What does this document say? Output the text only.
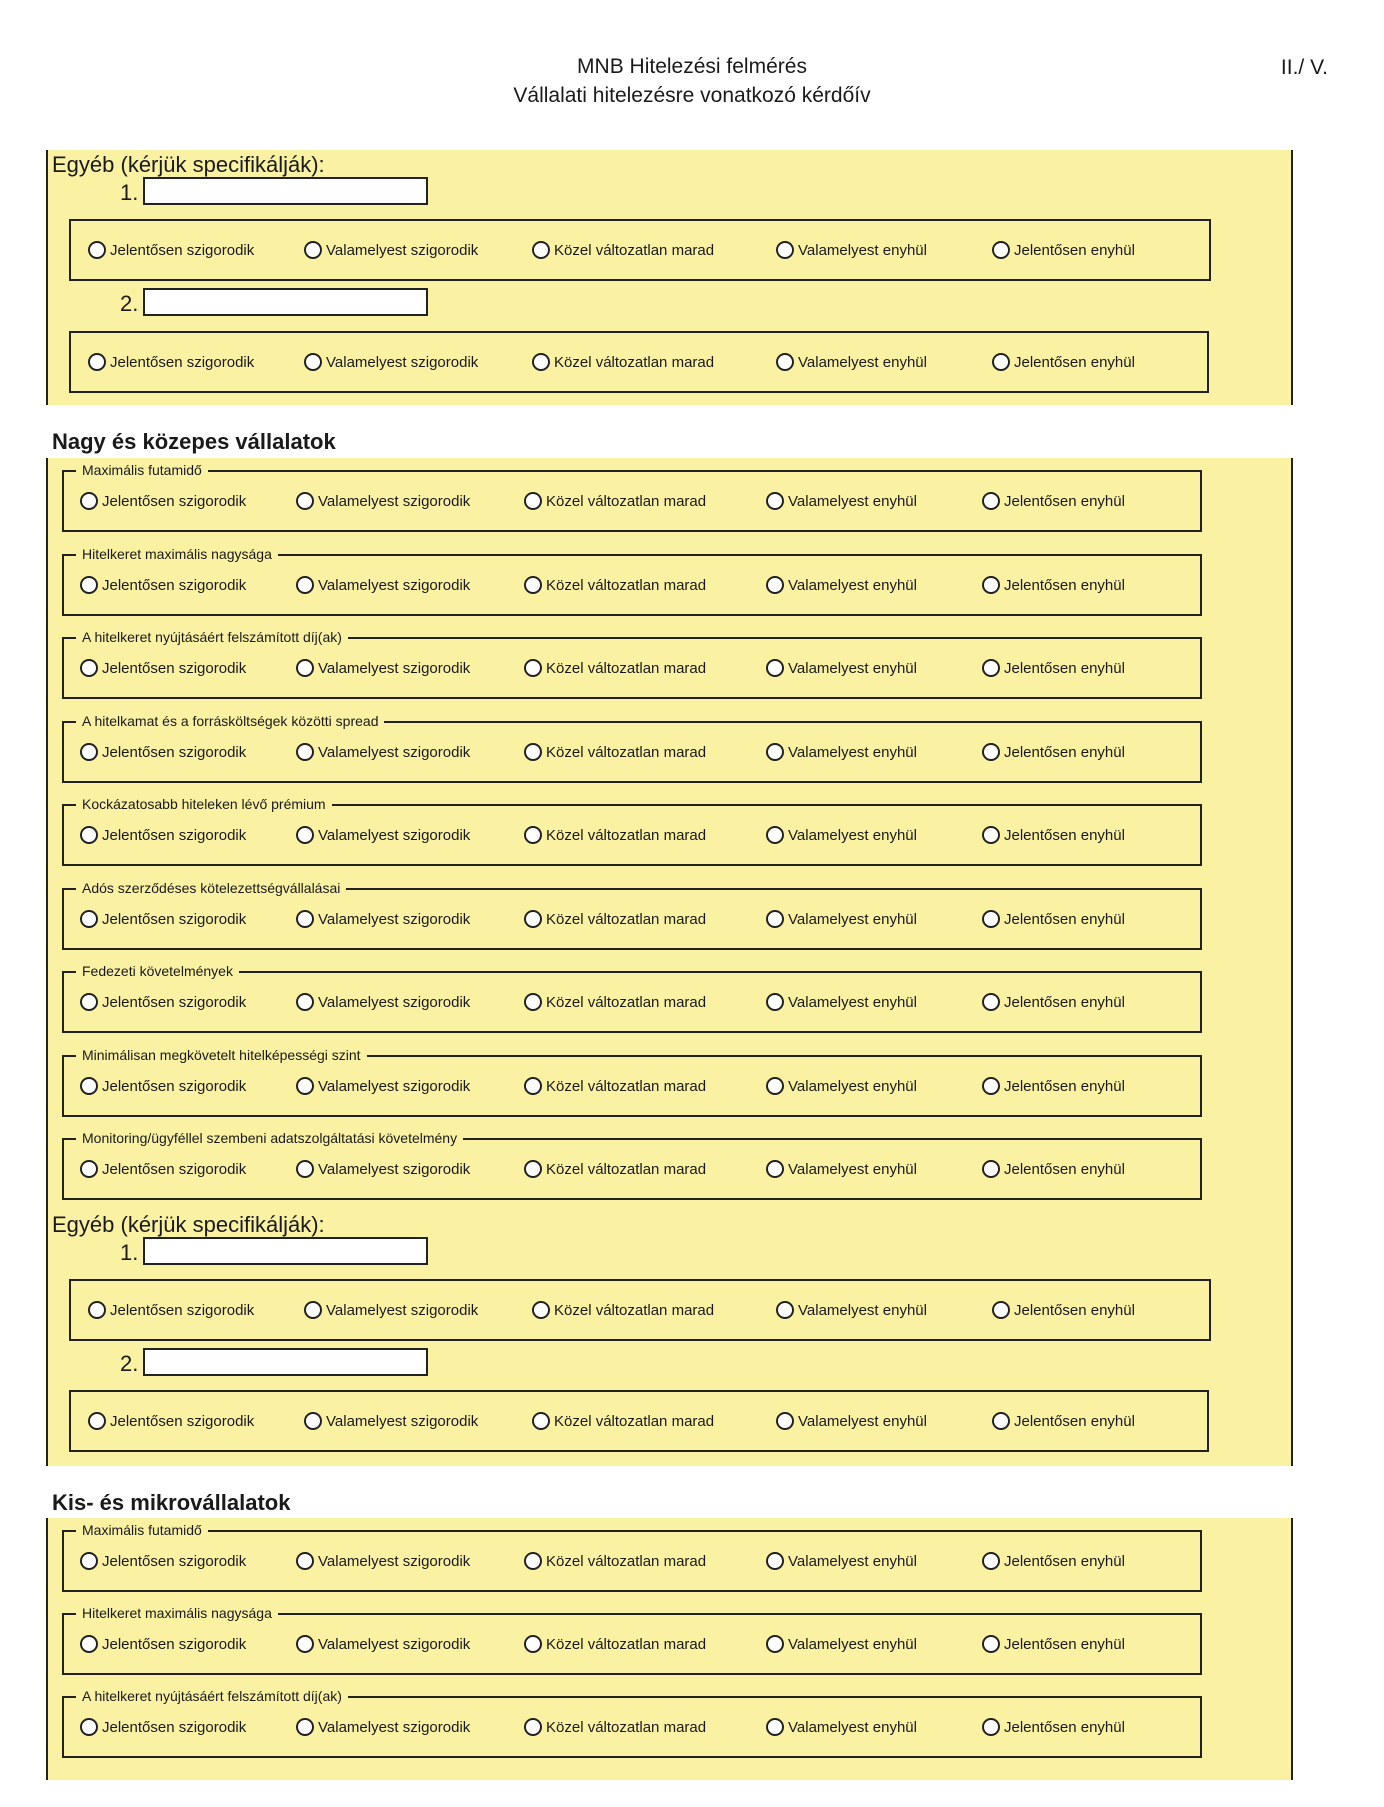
MNB Hitelezési felmérés
Vállalati hitelezésre vonatkozó kérdőív
II./ V.
Nagy és közepes vállalatok
Kis- és mikrovállalatok
Egyéb (kérjük specifikálják):
Egyéb (kérjük specifikálják):
1.
2.
1.
2.
Jelentősen szigorodik	Valamelyest szigorodik	Közel változatlan marad	Valamelyest enyhül	Jelentősen enyhül
Jelentősen szigorodik	Valamelyest szigorodik	Közel változatlan marad	Valamelyest enyhül	Jelentősen enyhül
Jelentősen szigorodik	Valamelyest szigorodik	Közel változatlan marad	Valamelyest enyhül	Jelentősen enyhül
Jelentősen szigorodik	Valamelyest szigorodik	Közel változatlan marad	Valamelyest enyhül	Jelentősen enyhül
Maximális futamidő
Jelentősen szigorodik	Valamelyest szigorodik	Közel változatlan marad	Valamelyest enyhül	Jelentősen enyhül
Hitelkeret maximális nagysága
Jelentősen szigorodik	Valamelyest szigorodik	Közel változatlan marad	Valamelyest enyhül	Jelentősen enyhül
A hitelkeret nyújtásáért felszámított díj(ak)
Jelentősen szigorodik	Valamelyest szigorodik	Közel változatlan marad	Valamelyest enyhül	Jelentősen enyhül
A hitelkamat és a forrásköltségek közötti spread
Jelentősen szigorodik	Valamelyest szigorodik	Közel változatlan marad	Valamelyest enyhül	Jelentősen enyhül
Kockázatosabb hiteleken lévő prémium
Jelentősen szigorodik	Valamelyest szigorodik	Közel változatlan marad	Valamelyest enyhül	Jelentősen enyhül
Adós szerződéses kötelezettségvállalásai
Jelentősen szigorodik	Valamelyest szigorodik	Közel változatlan marad	Valamelyest enyhül	Jelentősen enyhül
Fedezeti követelmények
Jelentősen szigorodik	Valamelyest szigorodik	Közel változatlan marad	Valamelyest enyhül	Jelentősen enyhül
Minimálisan megkövetelt hitelképességi szint
Jelentősen szigorodik	Valamelyest szigorodik	Közel változatlan marad	Valamelyest enyhül	Jelentősen enyhül
Monitoring/ügyféllel szembeni adatszolgáltatási követelmény
Jelentősen szigorodik	Valamelyest szigorodik	Közel változatlan marad	Valamelyest enyhül	Jelentősen enyhül
Maximális futamidő
Jelentősen szigorodik	Valamelyest szigorodik	Közel változatlan marad	Valamelyest enyhül	Jelentősen enyhül
Hitelkeret maximális nagysága
Jelentősen szigorodik	Valamelyest szigorodik	Közel változatlan marad	Valamelyest enyhül	Jelentősen enyhül
A hitelkeret nyújtásáért felszámított díj(ak)
Jelentősen szigorodik	Valamelyest szigorodik	Közel változatlan marad	Valamelyest enyhül	Jelentősen enyhül
